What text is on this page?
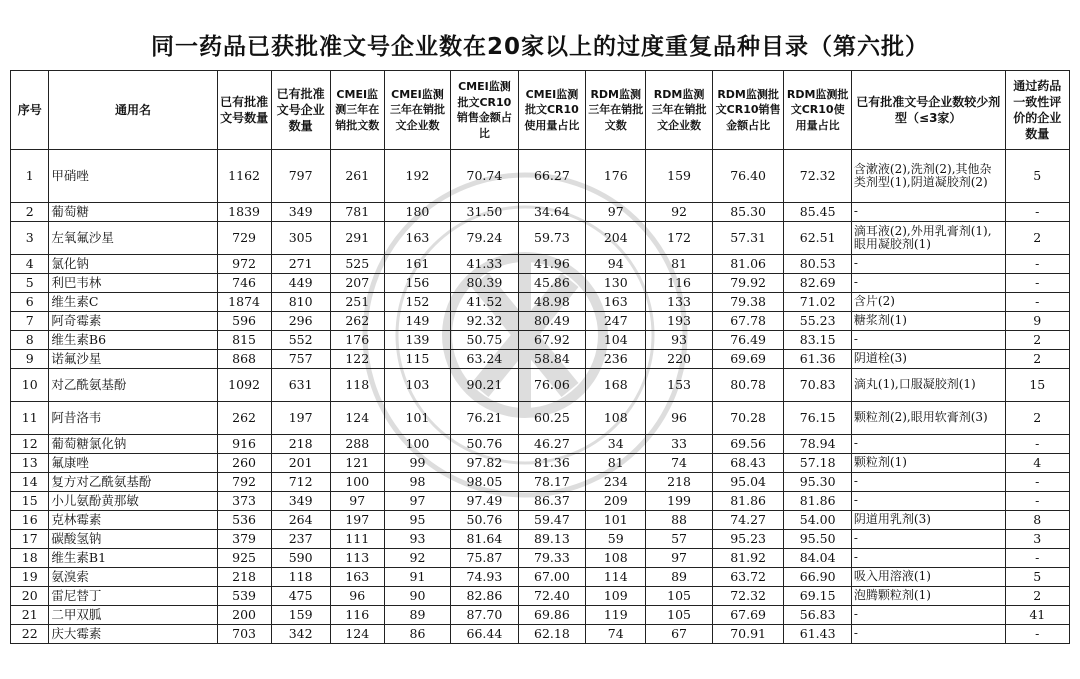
同一药品已获批准文号企业数在20家以上的过度重复品种目录（第六批）
序号	通用名	已有批准文号数量	已有批准文号企业数量	CMEI监测三年在销批文数	CMEI监测三年在销批文企业数	CMEI监测批文CR10销售金额占比	CMEI监测批文CR10使用量占比	RDM监测三年在销批文数	RDM监测三年在销批文企业数	RDM监测批文CR10销售金额占比	RDM监测批文CR10使用量占比	已有批准文号企业数较少剂型（≤3家）	通过药品一致性评价的企业数量
1	甲硝唑	1162	797	261	192	70.74	66.27	176	159	76.40	72.32	含漱液(2),洗剂(2),其他杂类剂型(1),阴道凝胶剂(2)	5
2	葡萄糖	1839	349	781	180	31.50	34.64	97	92	85.30	85.45	-	-
3	左氧氟沙星	729	305	291	163	79.24	59.73	204	172	57.31	62.51	滴耳液(2),外用乳膏剂(1),眼用凝胶剂(1)	2
4	氯化钠	972	271	525	161	41.33	41.96	94	81	81.06	80.53	-	-
5	利巴韦林	746	449	207	156	80.39	45.86	130	116	79.92	82.69	-	-
6	维生素C	1874	810	251	152	41.52	48.98	163	133	79.38	71.02	含片(2)	-
7	阿奇霉素	596	296	262	149	92.32	80.49	247	193	67.78	55.23	糖浆剂(1)	9
8	维生素B6	815	552	176	139	50.75	67.92	104	93	76.49	83.15	-	2
9	诺氟沙星	868	757	122	115	63.24	58.84	236	220	69.69	61.36	阴道栓(3)	2
10	对乙酰氨基酚	1092	631	118	103	90.21	76.06	168	153	80.78	70.83	滴丸(1),口服凝胶剂(1)	15
11	阿昔洛韦	262	197	124	101	76.21	60.25	108	96	70.28	76.15	颗粒剂(2),眼用软膏剂(3)	2
12	葡萄糖氯化钠	916	218	288	100	50.76	46.27	34	33	69.56	78.94	-	-
13	氟康唑	260	201	121	99	97.82	81.36	81	74	68.43	57.18	颗粒剂(1)	4
14	复方对乙酰氨基酚	792	712	100	98	98.05	78.17	234	218	95.04	95.30	-	-
15	小儿氨酚黄那敏	373	349	97	97	97.49	86.37	209	199	81.86	81.86	-	-
16	克林霉素	536	264	197	95	50.76	59.47	101	88	74.27	54.00	阴道用乳剂(3)	8
17	碳酸氢钠	379	237	111	93	81.64	89.13	59	57	95.23	95.50	-	3
18	维生素B1	925	590	113	92	75.87	79.33	108	97	81.92	84.04	-	-
19	氨溴索	218	118	163	91	74.93	67.00	114	89	63.72	66.90	吸入用溶液(1)	5
20	雷尼替丁	539	475	96	90	82.86	72.40	109	105	72.32	69.15	泡腾颗粒剂(1)	2
21	二甲双胍	200	159	116	89	87.70	69.86	119	105	67.69	56.83	-	41
22	庆大霉素	703	342	124	86	66.44	62.18	74	67	70.91	61.43	-	-
